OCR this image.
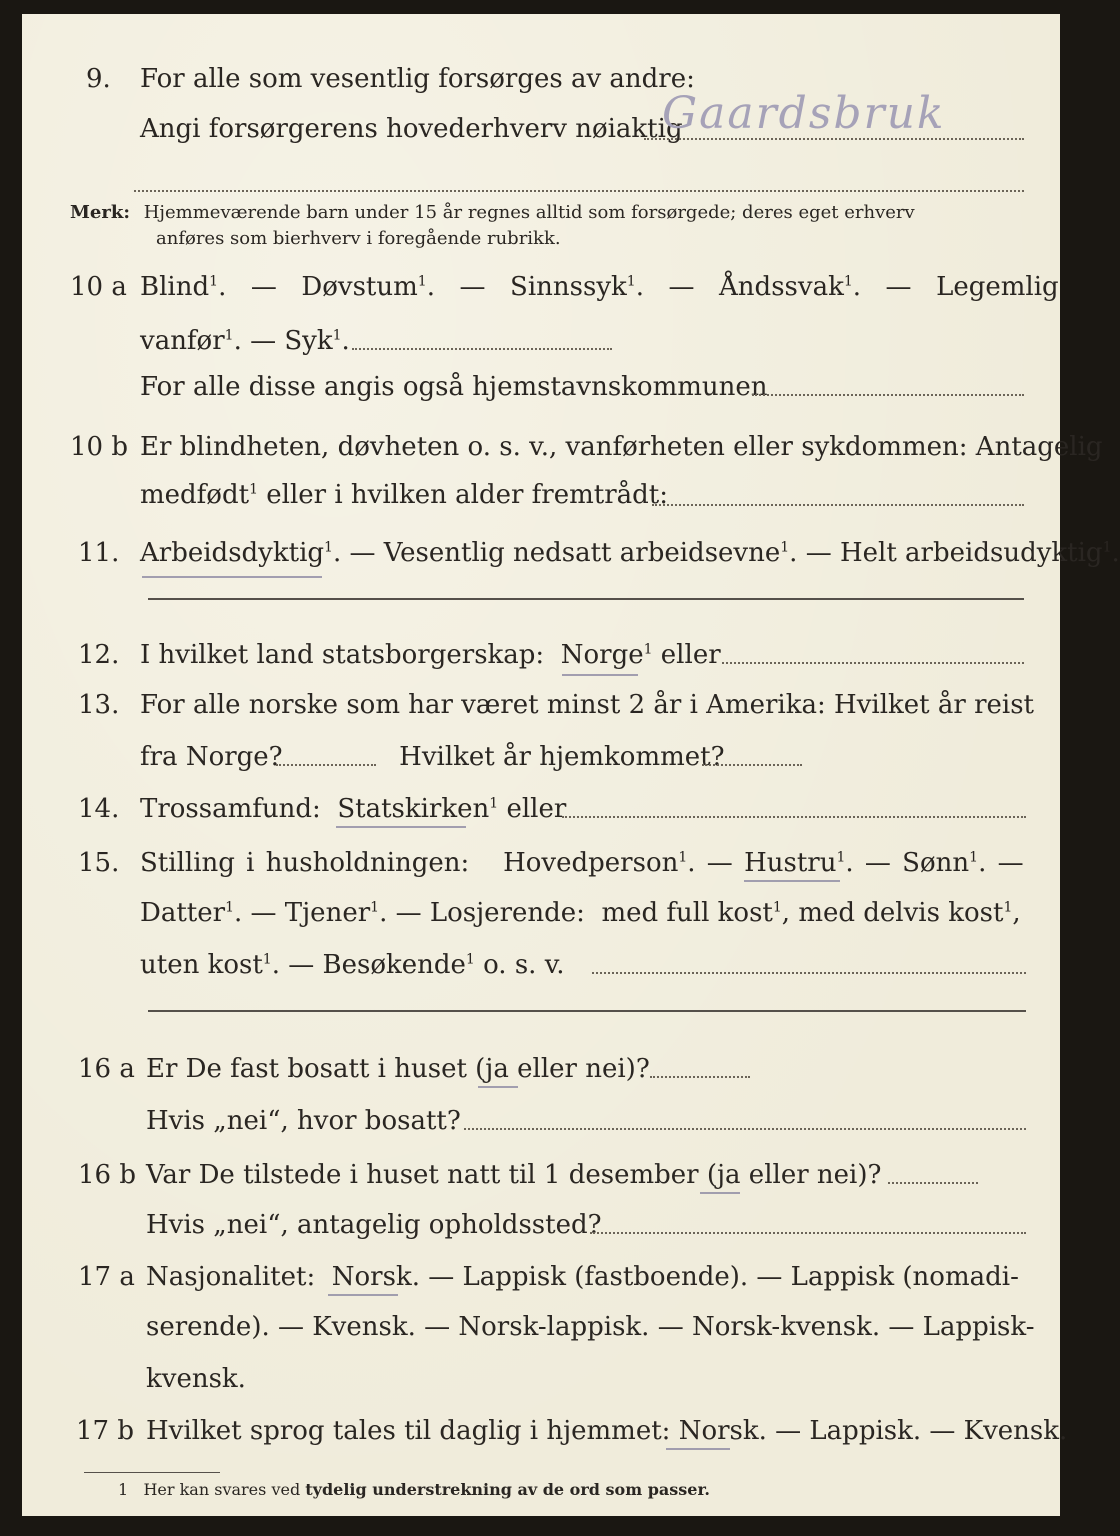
9. For alle som vesentlig forsørges av andre:
Angi forsørgerens hovederhverv nøiaktig
Gaardsbruk
Merk: Hjemmeværende barn under 15 år regnes alltid som forsørgede; deres eget erhverv
anføres som bierhverv i foregående rubrikk.
10 a Blind$^1$.  —  Døvstum$^1$.  —  Sinnssyk$^1$.  —  Åndssvak$^1$.  —  Legemlig
vanfør$^1$. — Syk$^1$.
For alle disse angis også hjemstavnskommunen
10 b Er blindheten, døvheten o. s. v., vanførheten eller sykdommen: Antagelig
medfødt$^1$ eller i hvilken alder fremtrådt:
11. Arbeidsdyktig$^1$. — Vesentlig nedsatt arbeidsevne$^1$. — Helt arbeidsudyktig$^1$.
12. I hvilket land statsborgerskap: Norge$^1$ eller
13. For alle norske som har været minst 2 år i Amerika: Hvilket år reist
fra Norge?	Hvilket år hjemkommet?
14. Trossamfund: Statskirken$^1$ eller
15. Stilling i husholdningen: Hovedperson$^1$. — Hustru$^1$. — Sønn$^1$. —
Datter$^1$. — Tjener$^1$. — Losjerende: med full kost$^1$, med delvis kost$^1$,
uten kost$^1$. — Besøkende$^1$ o. s. v.
16 a Er De fast bosatt i huset (ja eller nei)?
Hvis „nei“, hvor bosatt?
16 b Var De tilstede i huset natt til 1 desember (ja eller nei)?
Hvis „nei“, antagelig opholdssted?
17 a Nasjonalitet: Norsk. — Lappisk (fastboende). — Lappisk (nomadi-
serende). — Kvensk. — Norsk-lappisk. — Norsk-kvensk. — Lappisk-
kvensk.
17 b Hvilket sprog tales til daglig i hjemmet: Norsk. — Lappisk. — Kvensk.
1 Her kan svares ved tydelig understrekning av de ord som passer.
